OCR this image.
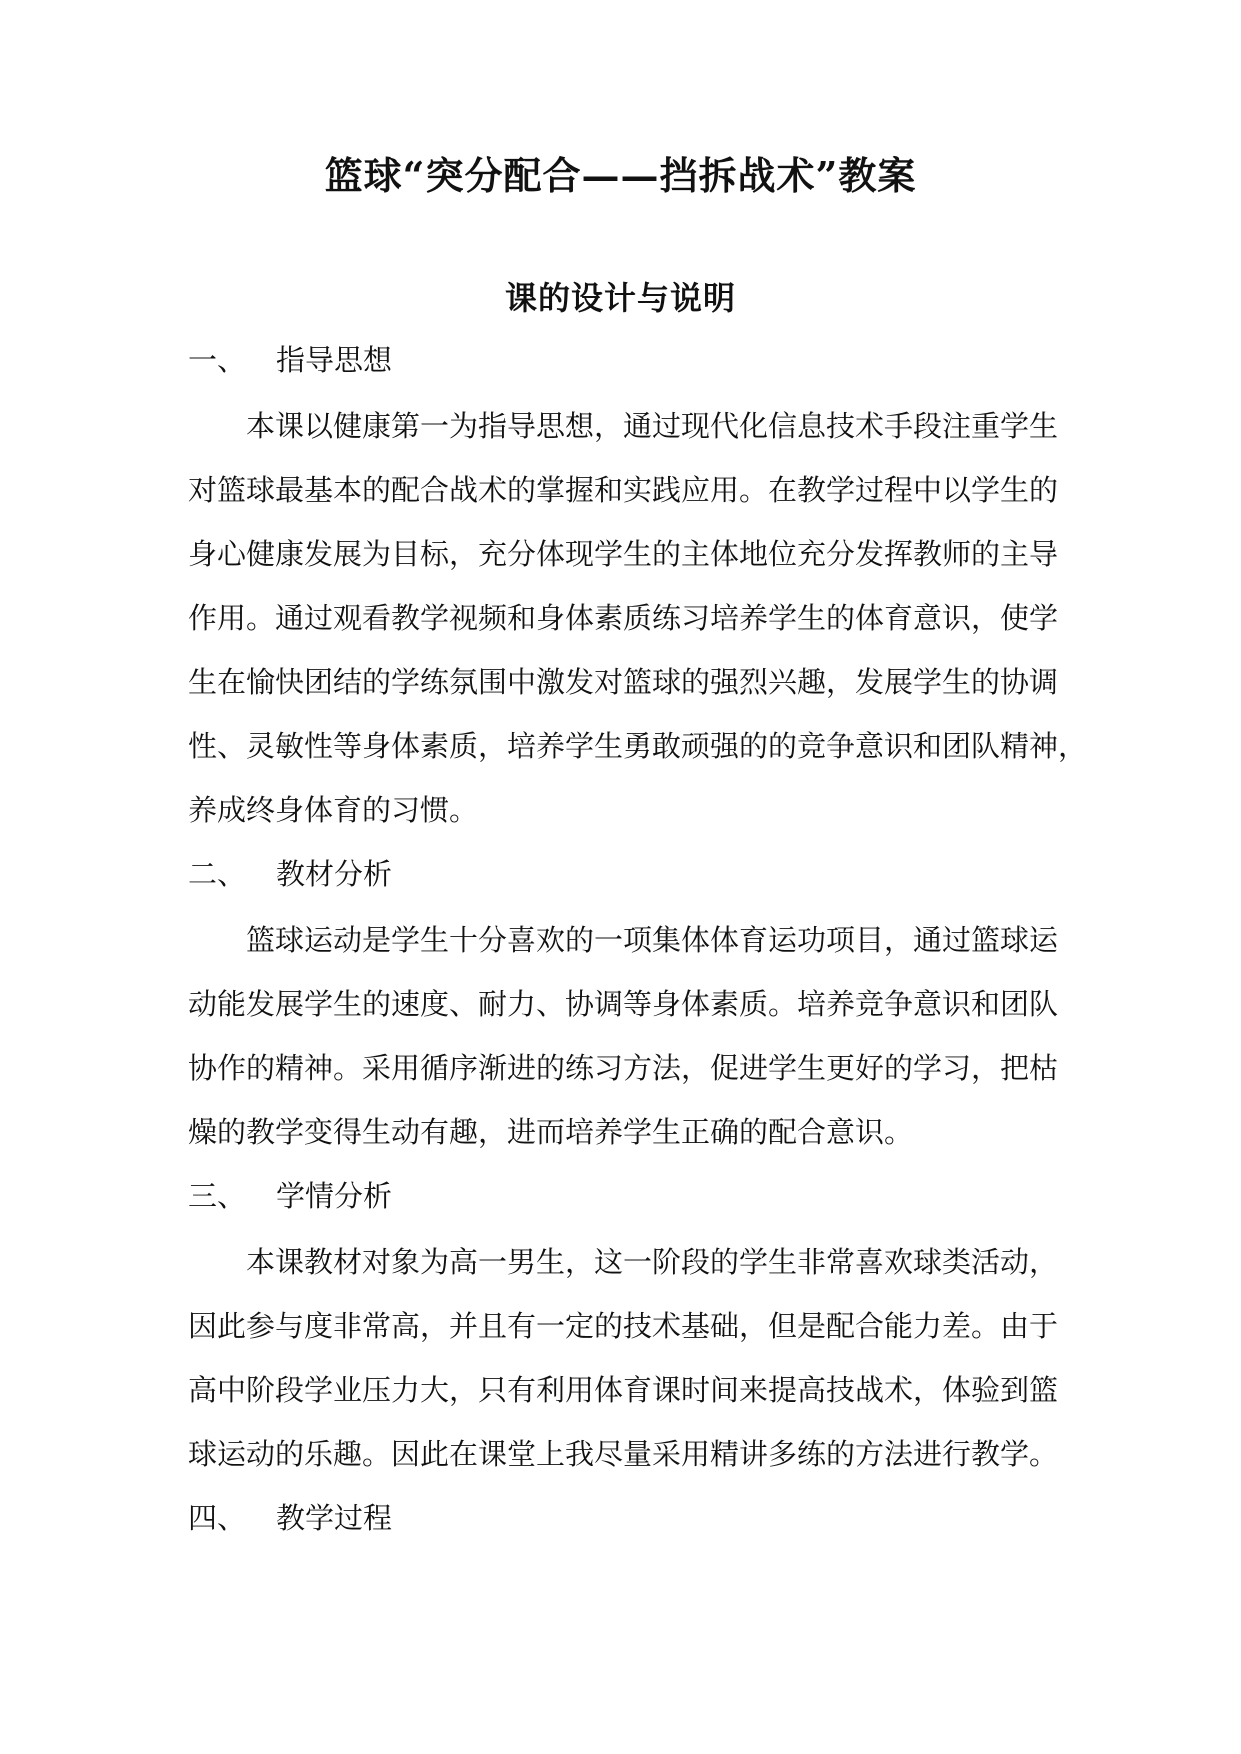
篮球“突分配合——挡拆战术”教案
课的设计与说明
一、 指导思想
本课以健康第一为指导思想，通过现代化信息技术手段注重学生
对篮球最基本的配合战术的掌握和实践应用。在教学过程中以学生的
身心健康发展为目标，充分体现学生的主体地位充分发挥教师的主导
作用。通过观看教学视频和身体素质练习培养学生的体育意识，使学
生在愉快团结的学练氛围中激发对篮球的强烈兴趣，发展学生的协调
性、灵敏性等身体素质，培养学生勇敢顽强的的竞争意识和团队精神，
养成终身体育的习惯。
二、 教材分析
篮球运动是学生十分喜欢的一项集体体育运功项目，通过篮球运
动能发展学生的速度、耐力、协调等身体素质。培养竞争意识和团队
协作的精神。采用循序渐进的练习方法，促进学生更好的学习，把枯
燥的教学变得生动有趣，进而培养学生正确的配合意识。
三、 学情分析
本课教材对象为高一男生，这一阶段的学生非常喜欢球类活动，
因此参与度非常高，并且有一定的技术基础，但是配合能力差。由于
高中阶段学业压力大，只有利用体育课时间来提高技战术，体验到篮
球运动的乐趣。因此在课堂上我尽量采用精讲多练的方法进行教学。
四、 教学过程
